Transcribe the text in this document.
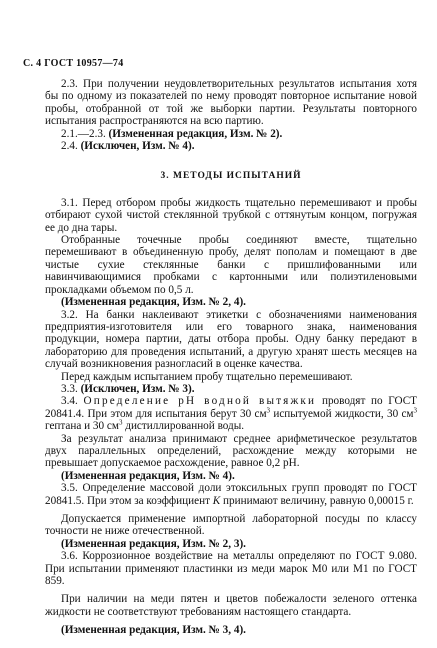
С. 4 ГОСТ 10957—74

2.3. При получении неудовлетворительных результатов испытания хотя бы по одному из показателей по нему проводят повторное испытание новой пробы, отобранной от той же выборки партии. Результаты повторного испытания распространяются на всю партию.

2.1.—2.3. (Измененная редакция, Изм. № 2).

2.4. (Исключен, Изм. № 4).

3. МЕТОДЫ ИСПЫТАНИЙ

3.1. Перед отбором пробы жидкость тщательно перемешивают и пробы отбирают сухой чистой стеклянной трубкой с оттянутым концом, погружая ее до дна тары.

Отобранные точечные пробы соединяют вместе, тщательно перемешивают в объединенную пробу, делят пополам и помещают в две чистые сухие стеклянные банки с пришлифованными или навинчивающимися пробками с картонными или полиэтиленовыми прокладками объемом по 0,5 л.

(Измененная редакция, Изм. № 2, 4).

3.2. На банки наклеивают этикетки с обозначениями наименования предприятия-изготовителя или его товарного знака, наименования продукции, номера партии, даты отбора пробы. Одну банку передают в лабораторию для проведения испытаний, а другую хранят шесть месяцев на случай возникновения разногласий в оценке качества.

Перед каждым испытанием пробу тщательно перемешивают.

3.3. (Исключен, Изм. № 3).

3.4. Определение рН водной вытяжки проводят по ГОСТ 20841.4. При этом для испытания берут 30 $см^3$ испытуемой жидкости, 30 $см^3$ гептана и 30 $см^3$ дистиллированной воды.

За результат анализа принимают среднее арифметическое результатов двух параллельных определений, расхождение между которыми не превышает допускаемое расхождение, равное 0,2 рН.

(Измененная редакция, Изм. № 4).

3.5. Определение массовой доли этоксильных групп проводят по ГОСТ 20841.5. При этом за коэффициент K принимают величину, равную 0,00015 г.

Допускается применение импортной лабораторной посуды по классу точности не ниже отечественной.

(Измененная редакция, Изм. № 2, 3).

3.6. Коррозионное воздействие на металлы определяют по ГОСТ 9.080. При испытании применяют пластинки из меди марок М0 или М1 по ГОСТ 859.

При наличии на меди пятен и цветов побежалости зеленого оттенка жидкости не соответствуют требованиям настоящего стандарта.

(Измененная редакция, Изм. № 3, 4).
